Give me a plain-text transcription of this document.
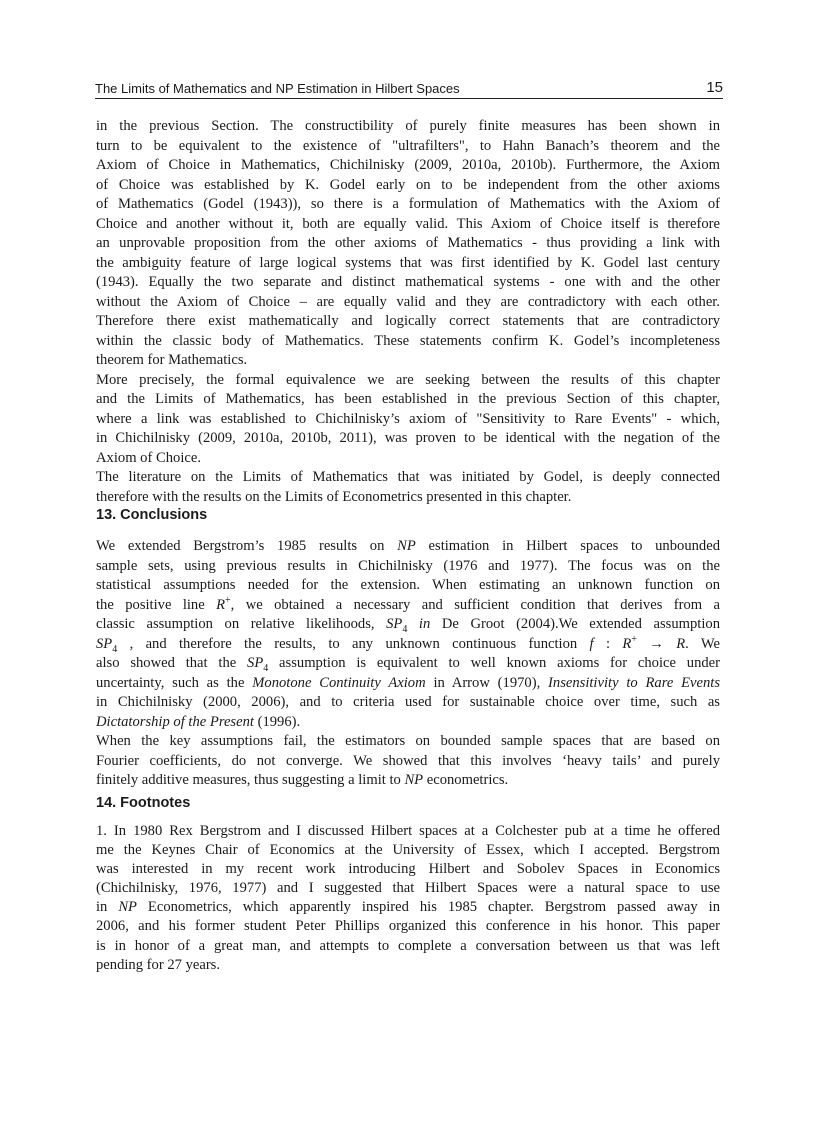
The Limits of Mathematics and NP Estimation in Hilbert Spaces	15
in the previous Section. The constructibility of purely finite measures has been shown in
turn to be equivalent to the existence of "ultrafilters", to Hahn Banach’s theorem and the
Axiom of Choice in Mathematics, Chichilnisky (2009, 2010a, 2010b). Furthermore, the Axiom
of Choice was established by K. Godel early on to be independent from the other axioms
of Mathematics (Godel (1943)), so there is a formulation of Mathematics with the Axiom of
Choice and another without it, both are equally valid. This Axiom of Choice itself is therefore
an unprovable proposition from the other axioms of Mathematics - thus providing a link with
the ambiguity feature of large logical systems that was first identified by K. Godel last century
(1943). Equally the two separate and distinct mathematical systems - one with and the other
without the Axiom of Choice – are equally valid and they are contradictory with each other.
Therefore there exist mathematically and logically correct statements that are contradictory
within the classic body of Mathematics. These statements confirm K. Godel’s incompleteness
theorem for Mathematics.
More precisely, the formal equivalence we are seeking between the results of this chapter
and the Limits of Mathematics, has been established in the previous Section of this chapter,
where a link was established to Chichilnisky’s axiom of "Sensitivity to Rare Events" - which,
in Chichilnisky (2009, 2010a, 2010b, 2011), was proven to be identical with the negation of the
Axiom of Choice.
The literature on the Limits of Mathematics that was initiated by Godel, is deeply connected
therefore with the results on the Limits of Econometrics presented in this chapter.
13. Conclusions
We extended Bergstrom’s 1985 results on NP estimation in Hilbert spaces to unbounded
sample sets, using previous results in Chichilnisky (1976 and 1977). The focus was on the
statistical assumptions needed for the extension. When estimating an unknown function on
the positive line R+, we obtained a necessary and sufficient condition that derives from a
classic assumption on relative likelihoods, $SP_4$ in De Groot (2004).We extended assumption
$SP_4$ , and therefore the results, to any unknown continuous function f : R+ → R. We
also showed that the $SP_4$ assumption is equivalent to well known axioms for choice under
uncertainty, such as the Monotone Continuity Axiom in Arrow (1970), Insensitivity to Rare Events
in Chichilnisky (2000, 2006), and to criteria used for sustainable choice over time, such as
Dictatorship of the Present (1996).
When the key assumptions fail, the estimators on bounded sample spaces that are based on
Fourier coefficients, do not converge. We showed that this involves ‘heavy tails’ and purely
finitely additive measures, thus suggesting a limit to NP econometrics.
14. Footnotes
1. In 1980 Rex Bergstrom and I discussed Hilbert spaces at a Colchester pub at a time he offered
me the Keynes Chair of Economics at the University of Essex, which I accepted. Bergstrom
was interested in my recent work introducing Hilbert and Sobolev Spaces in Economics
(Chichilnisky, 1976, 1977) and I suggested that Hilbert Spaces were a natural space to use
in NP Econometrics, which apparently inspired his 1985 chapter. Bergstrom passed away in
2006, and his former student Peter Phillips organized this conference in his honor. This paper
is in honor of a great man, and attempts to complete a conversation between us that was left
pending for 27 years.
